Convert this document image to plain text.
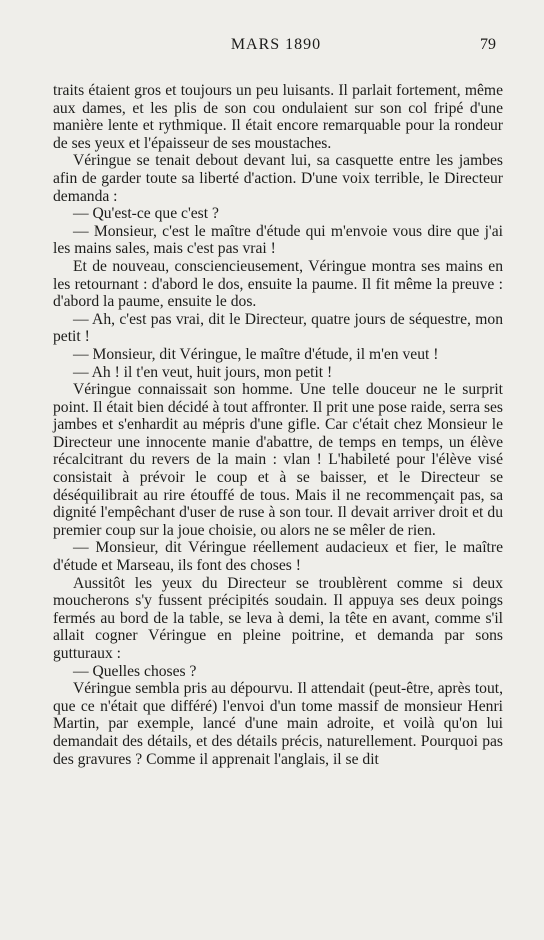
MARS 1890	79

traits étaient gros et toujours un peu luisants. Il parlait fortement, même aux dames, et les plis de son cou ondulaient sur son col fripé d'une manière lente et rythmique. Il était encore remarquable pour la rondeur de ses yeux et l'épaisseur de ses moustaches.

Véringue se tenait debout devant lui, sa casquette entre les jambes afin de garder toute sa liberté d'action. D'une voix terrible, le Directeur demanda :

— Qu'est-ce que c'est ?

— Monsieur, c'est le maître d'étude qui m'envoie vous dire que j'ai les mains sales, mais c'est pas vrai !

Et de nouveau, consciencieusement, Véringue montra ses mains en les retournant : d'abord le dos, ensuite la paume. Il fit même la preuve : d'abord la paume, ensuite le dos.

— Ah, c'est pas vrai, dit le Directeur, quatre jours de séquestre, mon petit !

— Monsieur, dit Véringue, le maître d'étude, il m'en veut !

— Ah ! il t'en veut, huit jours, mon petit !

Véringue connaissait son homme. Une telle douceur ne le surprit point. Il était bien décidé à tout affronter. Il prit une pose raide, serra ses jambes et s'enhardit au mépris d'une gifle. Car c'était chez Monsieur le Directeur une innocente manie d'abattre, de temps en temps, un élève récalcitrant du revers de la main : vlan ! L'habileté pour l'élève visé consistait à prévoir le coup et à se baisser, et le Directeur se déséquilibrait au rire étouffé de tous. Mais il ne recommençait pas, sa dignité l'empêchant d'user de ruse à son tour. Il devait arriver droit et du premier coup sur la joue choisie, ou alors ne se mêler de rien.

— Monsieur, dit Véringue réellement audacieux et fier, le maître d'étude et Marseau, ils font des choses !

Aussitôt les yeux du Directeur se troublèrent comme si deux moucherons s'y fussent précipités soudain. Il appuya ses deux poings fermés au bord de la table, se leva à demi, la tête en avant, comme s'il allait cogner Véringue en pleine poitrine, et demanda par sons gutturaux :

— Quelles choses ?

Véringue sembla pris au dépourvu. Il attendait (peut-être, après tout, que ce n'était que différé) l'envoi d'un tome massif de monsieur Henri Martin, par exemple, lancé d'une main adroite, et voilà qu'on lui demandait des détails, et des détails précis, naturellement. Pourquoi pas des gravures ? Comme il apprenait l'anglais, il se dit
